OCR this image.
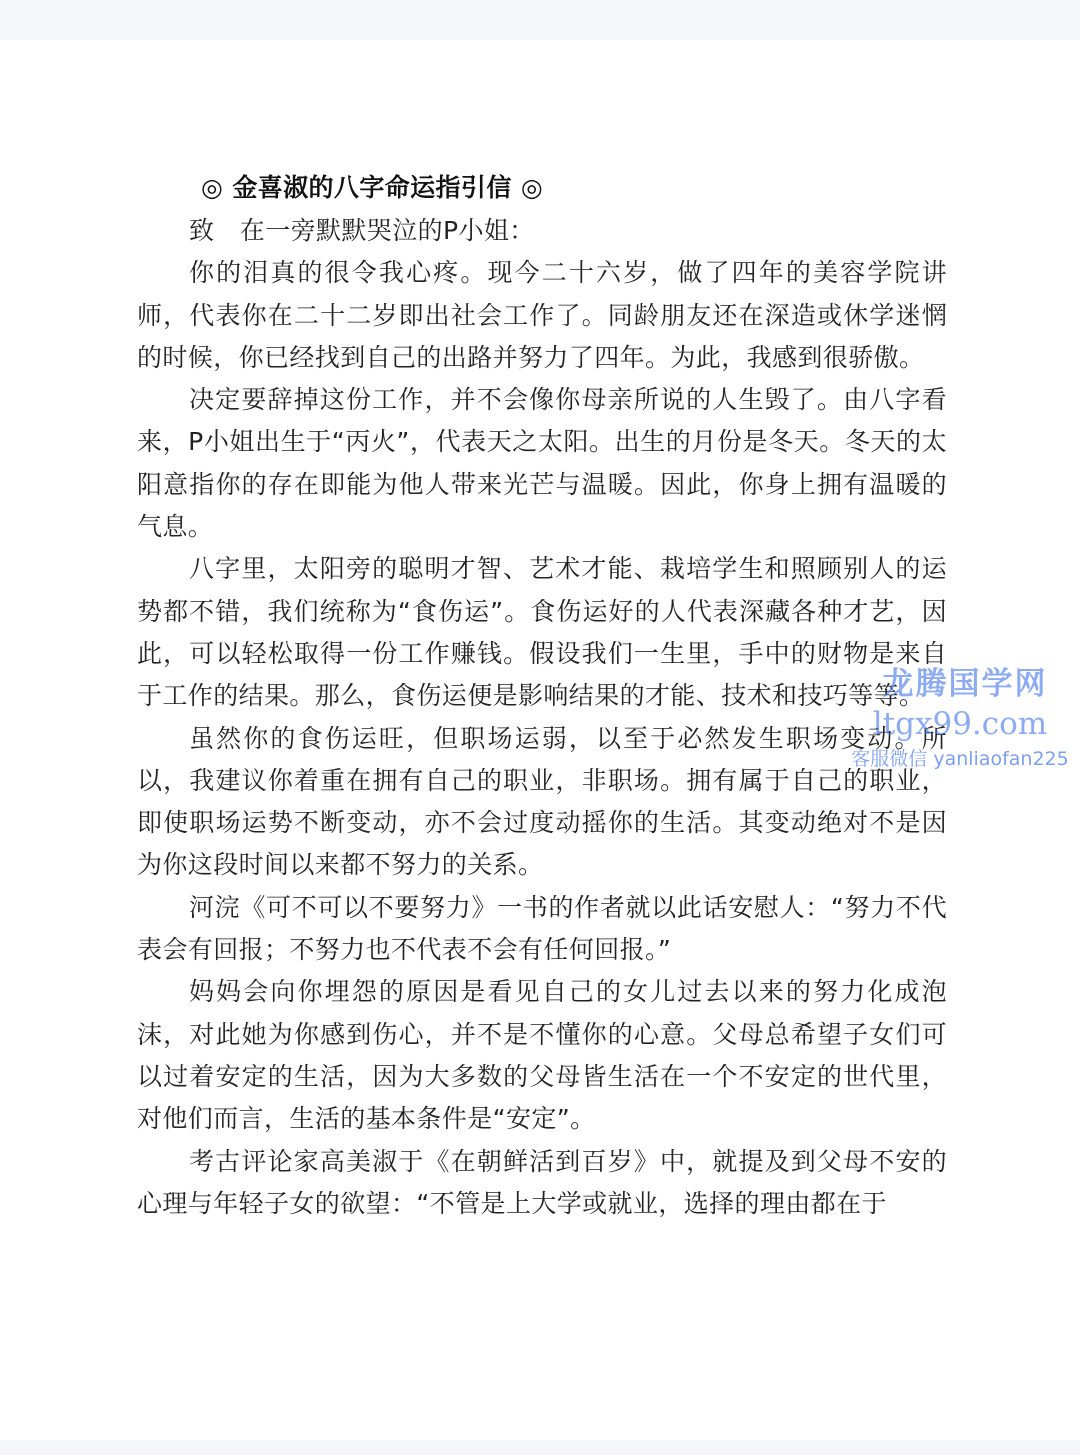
◎ 金喜淑的八字命运指引信 ◎
致　在一旁默默哭泣的P小姐：

你的泪真的很令我心疼。现今二十六岁，做了四年的美容学院讲师，代表你在二十二岁即出社会工作了。同龄朋友还在深造或休学迷惘的时候，你已经找到自己的出路并努力了四年。为此，我感到很骄傲。

决定要辞掉这份工作，并不会像你母亲所说的人生毁了。由八字看来，P小姐出生于“丙火”，代表天之太阳。出生的月份是冬天。冬天的太阳意指你的存在即能为他人带来光芒与温暖。因此，你身上拥有温暖的气息。

八字里，太阳旁的聪明才智、艺术才能、栽培学生和照顾别人的运势都不错，我们统称为“食伤运”。食伤运好的人代表深藏各种才艺，因此，可以轻松取得一份工作赚钱。假设我们一生里，手中的财物是来自于工作的结果。那么，食伤运便是影响结果的才能、技术和技巧等等。

虽然你的食伤运旺，但职场运弱，以至于必然发生职场变动。所以，我建议你着重在拥有自己的职业，非职场。拥有属于自己的职业，即使职场运势不断变动，亦不会过度动摇你的生活。其变动绝对不是因为你这段时间以来都不努力的关系。

河浣《可不可以不要努力》一书的作者就以此话安慰人：“努力不代表会有回报；不努力也不代表不会有任何回报。”

妈妈会向你埋怨的原因是看见自己的女儿过去以来的努力化成泡沫，对此她为你感到伤心，并不是不懂你的心意。父母总希望子女们可以过着安定的生活，因为大多数的父母皆生活在一个不安定的世代里，对他们而言，生活的基本条件是“安定”。

考古评论家高美淑于《在朝鲜活到百岁》中，就提及到父母不安的心理与年轻子女的欲望：“不管是上大学或就业，选择的理由都在于

龙腾国学网
ltgx99.com
客服微信 yanliaofan225
